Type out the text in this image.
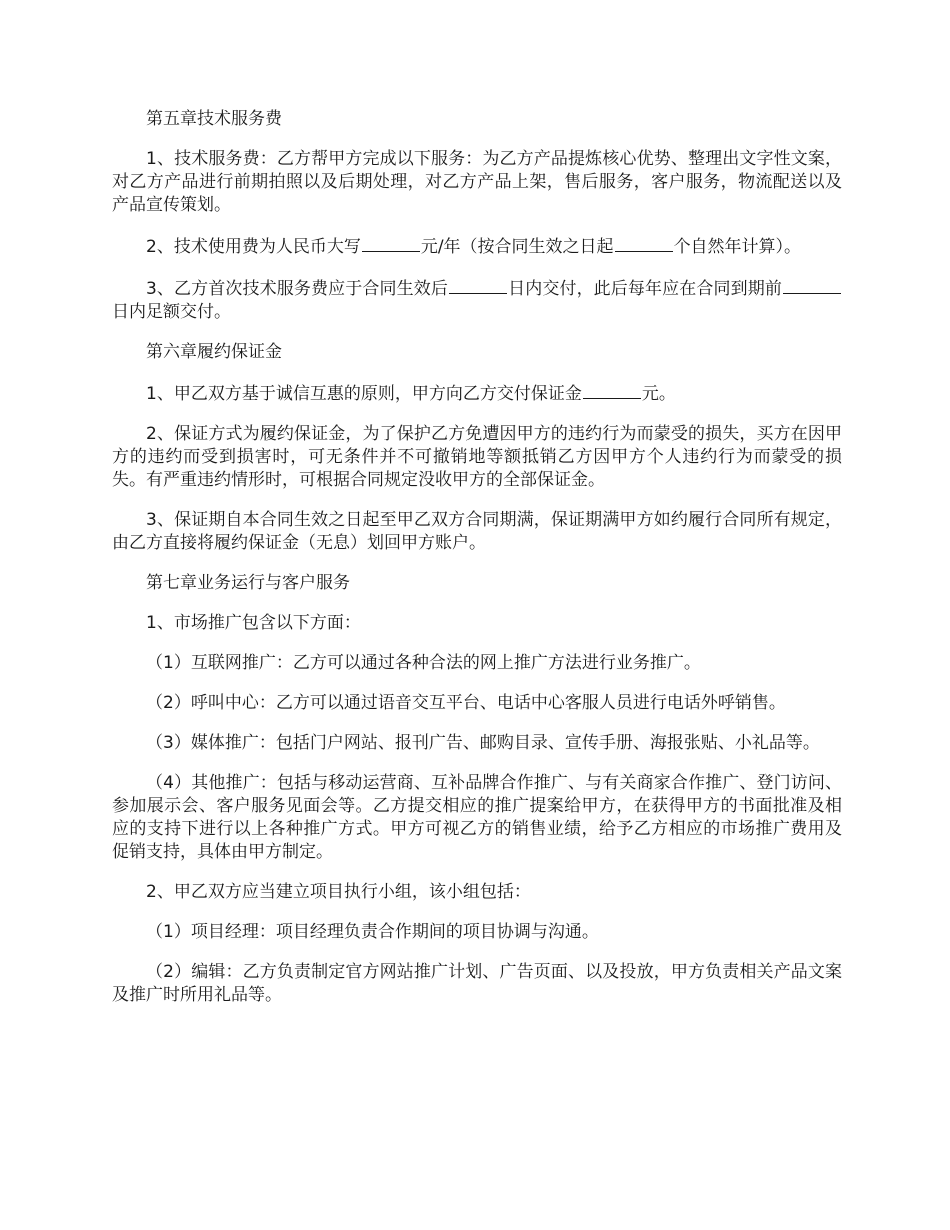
第五章技术服务费

1、技术服务费：乙方帮甲方完成以下服务：为乙方产品提炼核心优势、整理出文字性文案，对乙方产品进行前期拍照以及后期处理，对乙方产品上架，售后服务，客户服务，物流配送以及产品宣传策划。

2、技术使用费为人民币大写	元/年（按合同生效之日起	个自然年计算）。

3、乙方首次技术服务费应于合同生效后	日内交付，此后每年应在合同到期前日内足额交付。

第六章履约保证金

1、甲乙双方基于诚信互惠的原则，甲方向乙方交付保证金	元。

2、保证方式为履约保证金，为了保护乙方免遭因甲方的违约行为而蒙受的损失，买方在因甲方的违约而受到损害时，可无条件并不可撤销地等额抵销乙方因甲方个人违约行为而蒙受的损失。有严重违约情形时，可根据合同规定没收甲方的全部保证金。

3、保证期自本合同生效之日起至甲乙双方合同期满，保证期满甲方如约履行合同所有规定，由乙方直接将履约保证金（无息）划回甲方账户。

第七章业务运行与客户服务

1、市场推广包含以下方面：

（1）互联网推广：乙方可以通过各种合法的网上推广方法进行业务推广。

（2）呼叫中心：乙方可以通过语音交互平台、电话中心客服人员进行电话外呼销售。

（3）媒体推广：包括门户网站、报刊广告、邮购目录、宣传手册、海报张贴、小礼品等。

（4）其他推广：包括与移动运营商、互补品牌合作推广、与有关商家合作推广、登门访问、参加展示会、客户服务见面会等。乙方提交相应的推广提案给甲方，在获得甲方的书面批准及相应的支持下进行以上各种推广方式。甲方可视乙方的销售业绩，给予乙方相应的市场推广费用及促销支持，具体由甲方制定。

2、甲乙双方应当建立项目执行小组，该小组包括：

（1）项目经理：项目经理负责合作期间的项目协调与沟通。

（2）编辑：乙方负责制定官方网站推广计划、广告页面、以及投放，甲方负责相关产品文案及推广时所用礼品等。
